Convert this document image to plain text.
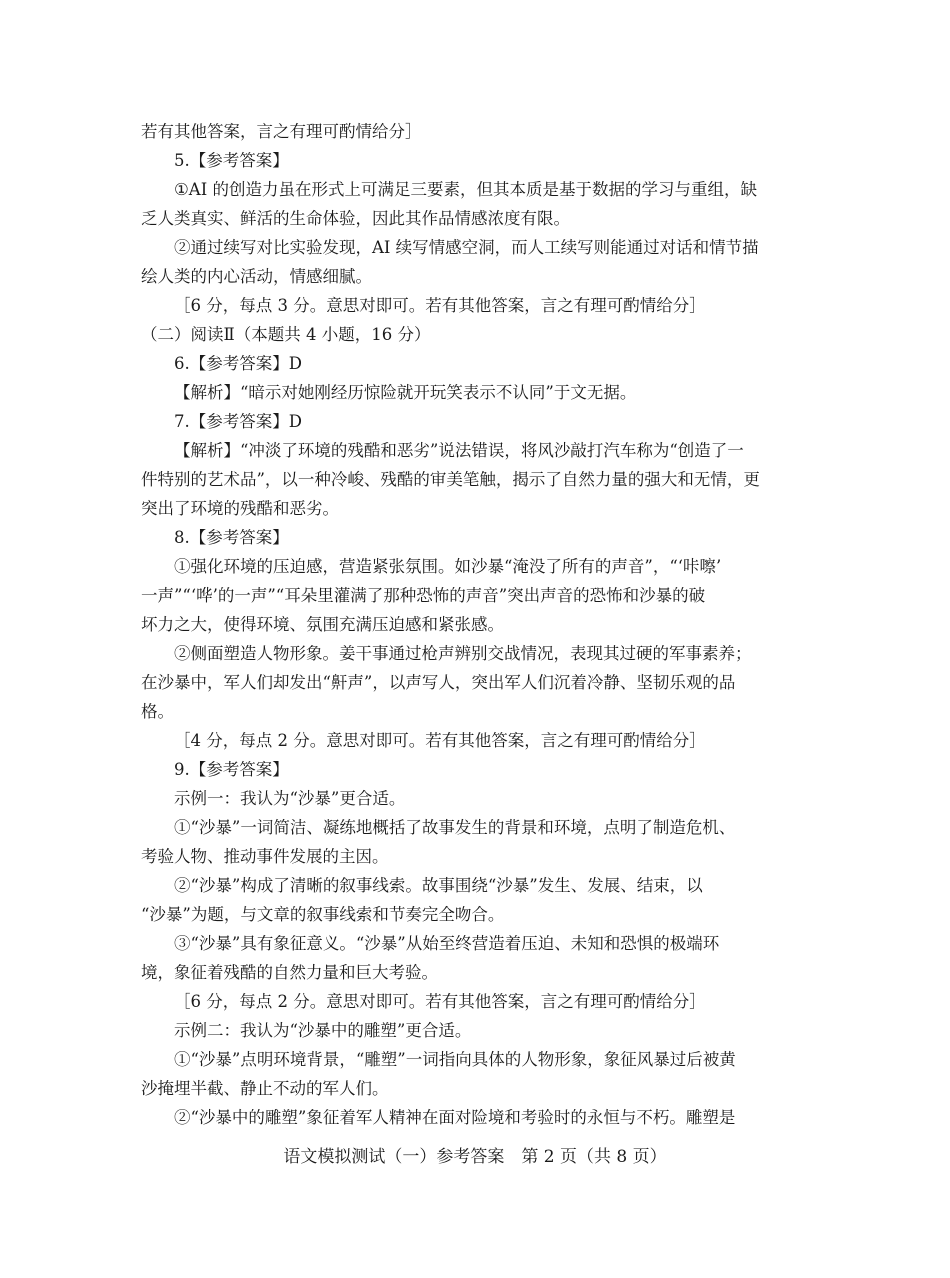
若有其他答案，言之有理可酌情给分］

5.【参考答案】

①AI 的创造力虽在形式上可满足三要素，但其本质是基于数据的学习与重组，缺

乏人类真实、鲜活的生命体验，因此其作品情感浓度有限。

②通过续写对比实验发现，AI 续写情感空洞，而人工续写则能通过对话和情节描

绘人类的内心活动，情感细腻。

［6 分，每点 3 分。意思对即可。若有其他答案，言之有理可酌情给分］

（二）阅读Ⅱ（本题共 4 小题，16 分）

6.【参考答案】D

【解析】“暗示对她刚经历惊险就开玩笑表示不认同”于文无据。

7.【参考答案】D

【解析】“冲淡了环境的残酷和恶劣”说法错误，将风沙敲打汽车称为“创造了一

件特别的艺术品”，以一种冷峻、残酷的审美笔触，揭示了自然力量的强大和无情，更

突出了环境的残酷和恶劣。

8.【参考答案】

①强化环境的压迫感，营造紧张氛围。如沙暴“淹没了所有的声音”，“‘咔嚓’

一声”“‘哗’的一声”“耳朵里灌满了那种恐怖的声音”突出声音的恐怖和沙暴的破

坏力之大，使得环境、氛围充满压迫感和紧张感。

②侧面塑造人物形象。姜干事通过枪声辨别交战情况，表现其过硬的军事素养；

在沙暴中，军人们却发出“鼾声”，以声写人，突出军人们沉着冷静、坚韧乐观的品

格。

［4 分，每点 2 分。意思对即可。若有其他答案，言之有理可酌情给分］

9.【参考答案】

示例一：我认为“沙暴”更合适。

①“沙暴”一词简洁、凝练地概括了故事发生的背景和环境，点明了制造危机、

考验人物、推动事件发展的主因。

②“沙暴”构成了清晰的叙事线索。故事围绕“沙暴”发生、发展、结束，以

“沙暴”为题，与文章的叙事线索和节奏完全吻合。

③“沙暴”具有象征意义。“沙暴”从始至终营造着压迫、未知和恐惧的极端环

境，象征着残酷的自然力量和巨大考验。

［6 分，每点 2 分。意思对即可。若有其他答案，言之有理可酌情给分］

示例二：我认为“沙暴中的雕塑”更合适。

①“沙暴”点明环境背景，“雕塑”一词指向具体的人物形象，象征风暴过后被黄

沙掩埋半截、静止不动的军人们。

②“沙暴中的雕塑”象征着军人精神在面对险境和考验时的永恒与不朽。雕塑是

语文模拟测试（一）参考答案　第 2 页（共 8 页）
